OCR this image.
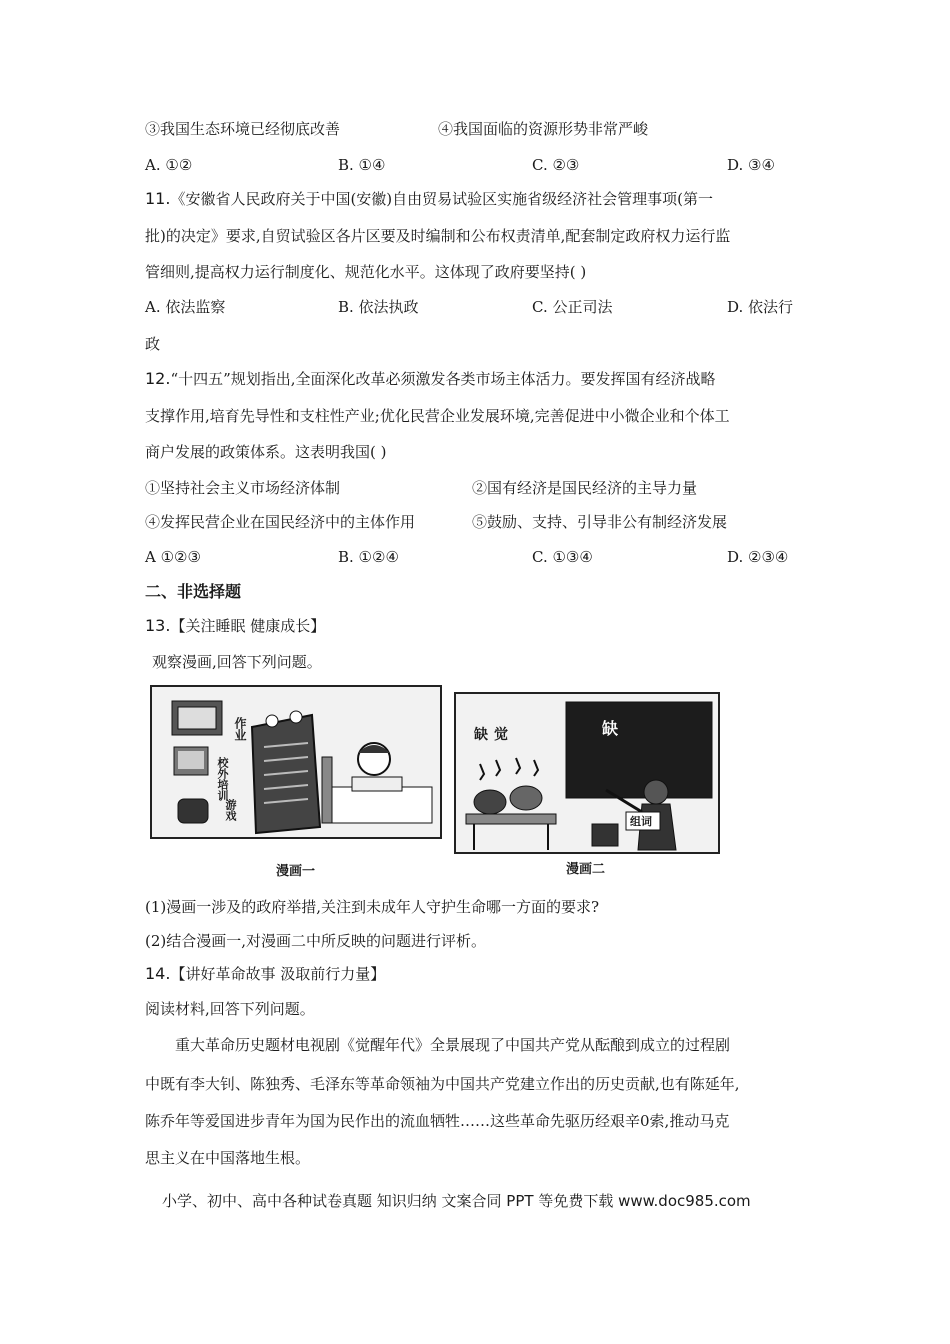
③我国生态环境已经彻底改善	④我国面临的资源形势非常严峻
A. ①②	B. ①④	C. ②③	D. ③④
11.《安徽省人民政府关于中国(安徽)自由贸易试验区实施省级经济社会管理事项(第一
批)的决定》要求,自贸试验区各片区要及时编制和公布权责清单,配套制定政府权力运行监
管细则,提高权力运行制度化、规范化水平。这体现了政府要坚持( )
A. 依法监察	B. 依法执政	C. 公正司法	D. 依法行
政
12.“十四五”规划指出,全面深化改革必须激发各类市场主体活力。要发挥国有经济战略
支撑作用,培育先导性和支柱性产业;优化民营企业发展环境,完善促进中小微企业和个体工
商户发展的政策体系。这表明我国( )
①坚持社会主义市场经济体制	②国有经济是国民经济的主导力量
④发挥民营企业在国民经济中的主体作用	⑤鼓励、支持、引导非公有制经济发展
A ①②③	B. ①②④	C. ①③④	D. ②③④
二、非选择题
13.【关注睡眠 健康成长】
观察漫画,回答下列问题。
作业
校外培训
游戏
漫画一
缺觉	缺
组词
漫画二
(1)漫画一涉及的政府举措,关注到未成年人守护生命哪一方面的要求?
(2)结合漫画一,对漫画二中所反映的问题进行评析。
14.【讲好革命故事 汲取前行力量】
阅读材料,回答下列问题。
重大革命历史题材电视剧《觉醒年代》全景展现了中国共产党从酝酿到成立的过程剧
中既有李大钊、陈独秀、毛泽东等革命领袖为中国共产党建立作出的历史贡献,也有陈延年,
陈乔年等爱国进步青年为国为民作出的流血牺牲……这些革命先驱历经艰辛0索,推动马克
思主义在中国落地生根。
小学、初中、高中各种试卷真题 知识归纳 文案合同 PPT 等免费下载 www.doc985.com
